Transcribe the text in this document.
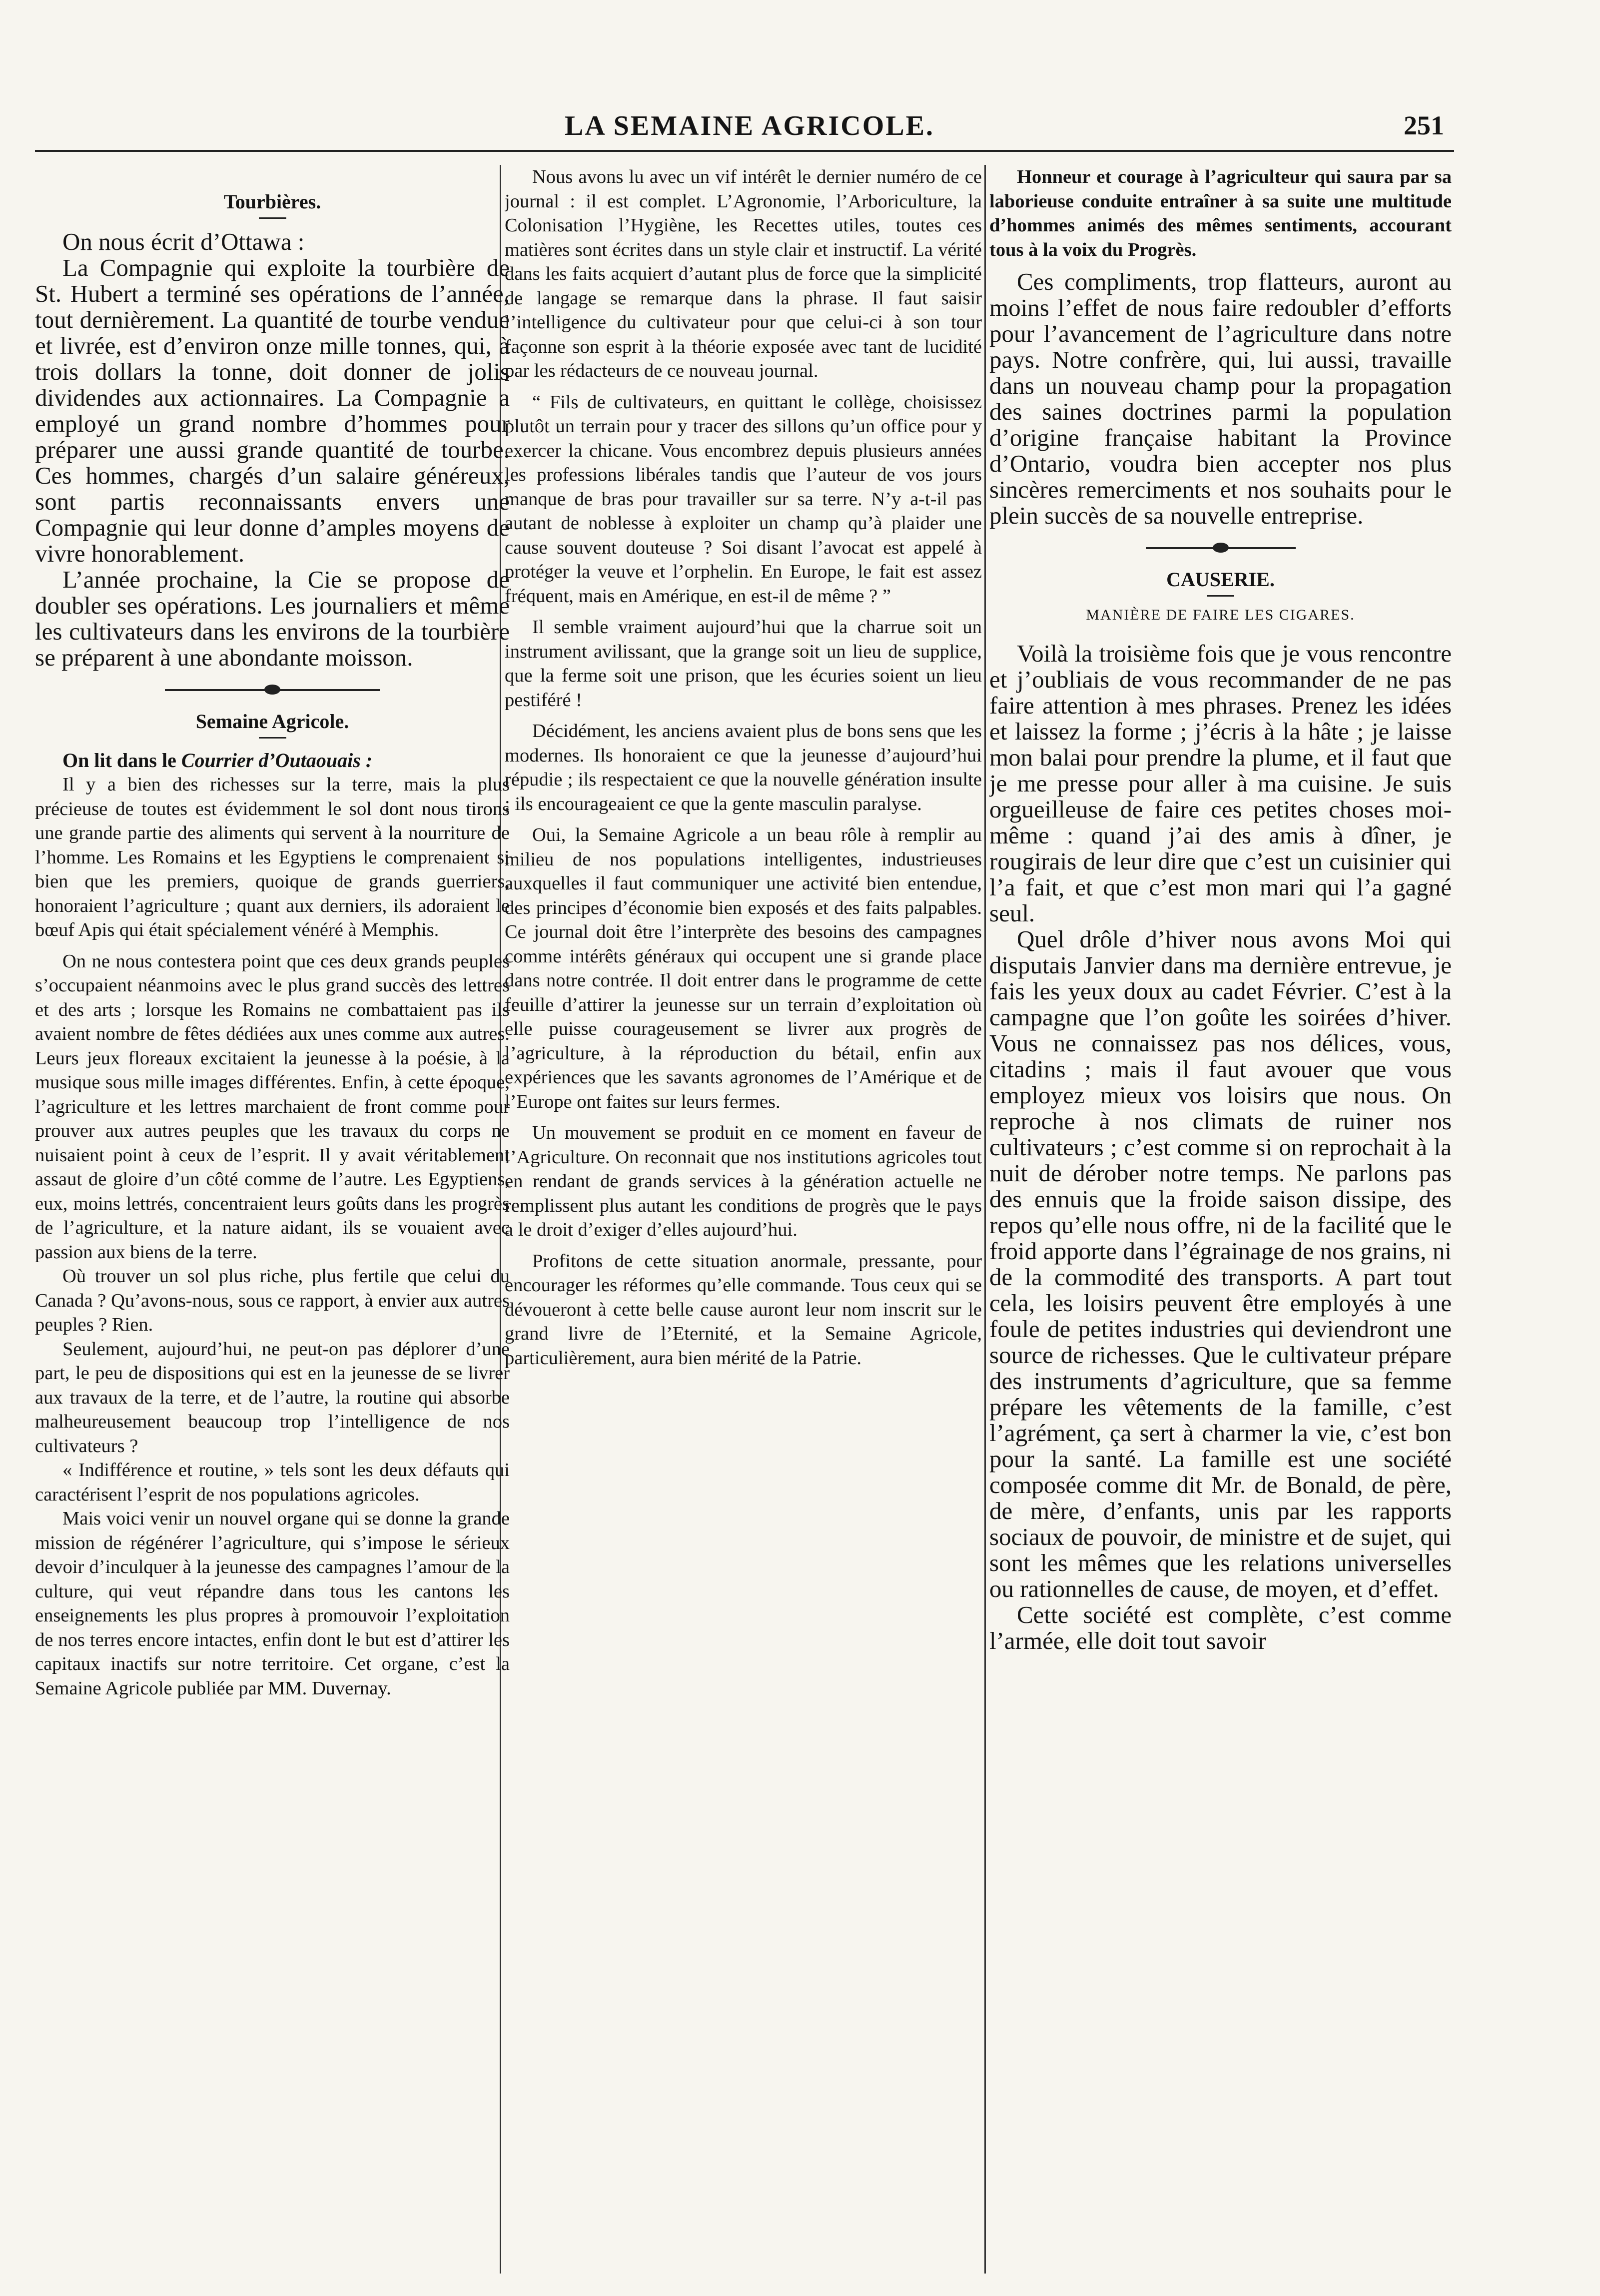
LA SEMAINE AGRICOLE.	251
Tourbières.

On nous écrit d’Ottawa :

La Compagnie qui exploite la tourbière de St. Hubert a terminé ses opérations de l’année, tout dernièrement. La quantité de tourbe vendue et livrée, est d’environ onze mille tonnes, qui, à trois dollars la tonne, doit donner de jolis dividendes aux actionnaires. La Compagnie a employé un grand nombre d’hommes pour préparer une aussi grande quantité de tourbe. Ces hommes, chargés d’un salaire généreux, sont partis reconnaissants envers une Compagnie qui leur donne d’amples moyens de vivre honorablement.

L’année prochaine, la Cie se propose de doubler ses opérations. Les journaliers et même les cultivateurs dans les environs de la tourbière se préparent à une abondante moisson.

Semaine Agricole.

On lit dans le Courrier d’Outaouais :

Il y a bien des richesses sur la terre, mais la plus précieuse de toutes est évidemment le sol dont nous tirons une grande partie des aliments qui servent à la nourriture de l’homme. Les Romains et les Egyptiens le comprenaient si bien que les premiers, quoique de grands guerriers, honoraient l’agriculture ; quant aux derniers, ils adoraient le bœuf Apis qui était spécialement vénéré à Memphis.

On ne nous contestera point que ces deux grands peuples s’occupaient néanmoins avec le plus grand succès des lettres et des arts ; lorsque les Romains ne combattaient pas ils avaient nombre de fêtes dédiées aux unes comme aux autres. Leurs jeux floreaux excitaient la jeunesse à la poésie, à la musique sous mille images différentes. Enfin, à cette époque, l’agriculture et les lettres marchaient de front comme pour prouver aux autres peuples que les travaux du corps ne nuisaient point à ceux de l’esprit. Il y avait véritablement assaut de gloire d’un côté comme de l’autre. Les Egyptiens, eux, moins lettrés, concentraient leurs goûts dans les progrès de l’agriculture, et la nature aidant, ils se vouaient avec passion aux biens de la terre.

Où trouver un sol plus riche, plus fertile que celui du Canada ? Qu’avons-nous, sous ce rapport, à envier aux autres peuples ? Rien.

Seulement, aujourd’hui, ne peut-on pas déplorer d’une part, le peu de dispositions qui est en la jeunesse de se livrer aux travaux de la terre, et de l’autre, la routine qui absorbe malheureusement beaucoup trop l’intelligence de nos cultivateurs ?

« Indifférence et routine, » tels sont les deux défauts qui caractérisent l’esprit de nos populations agricoles.

Mais voici venir un nouvel organe qui se donne la grande mission de régénérer l’agriculture, qui s’impose le sérieux devoir d’inculquer à la jeunesse des campagnes l’amour de la culture, qui veut répandre dans tous les cantons les enseignements les plus propres à promouvoir l’exploitation de nos terres encore intactes, enfin dont le but est d’attirer les capitaux inactifs sur notre territoire. Cet organe, c’est la Semaine Agricole publiée par MM. Duvernay.

Nous avons lu avec un vif intérêt le dernier numéro de ce journal : il est complet. L’Agronomie, l’Arboriculture, la Colonisation l’Hygiène, les Recettes utiles, toutes ces matières sont écrites dans un style clair et instructif. La vérité dans les faits acquiert d’autant plus de force que la simplicité de langage se remarque dans la phrase. Il faut saisir l’intelligence du cultivateur pour que celui-ci à son tour façonne son esprit à la théorie exposée avec tant de lucidité par les rédacteurs de ce nouveau journal.

“ Fils de cultivateurs, en quittant le collège, choisissez plutôt un terrain pour y tracer des sillons qu’un office pour y exercer la chicane. Vous encombrez depuis plusieurs années les professions libérales tandis que l’auteur de vos jours manque de bras pour travailler sur sa terre. N’y a-t-il pas autant de noblesse à exploiter un champ qu’à plaider une cause souvent douteuse ? Soi disant l’avocat est appelé à protéger la veuve et l’orphelin. En Europe, le fait est assez fréquent, mais en Amérique, en est-il de même ? ”

Il semble vraiment aujourd’hui que la charrue soit un instrument avilissant, que la grange soit un lieu de supplice, que la ferme soit une prison, que les écuries soient un lieu pestiféré !

Décidément, les anciens avaient plus de bons sens que les modernes. Ils honoraient ce que la jeunesse d’aujourd’hui répudie ; ils respectaient ce que la nouvelle génération insulte ; ils encourageaient ce que la gente masculin paralyse.

Oui, la Semaine Agricole a un beau rôle à remplir au milieu de nos populations intelligentes, industrieuses auxquelles il faut communiquer une activité bien entendue, des principes d’économie bien exposés et des faits palpables. Ce journal doit être l’interprète des besoins des campagnes comme intérêts généraux qui occupent une si grande place dans notre contrée. Il doit entrer dans le programme de cette feuille d’attirer la jeunesse sur un terrain d’exploitation où elle puisse courageusement se livrer aux progrès de l’agriculture, à la réproduction du bétail, enfin aux expériences que les savants agronomes de l’Amérique et de l’Europe ont faites sur leurs fermes.

Un mouvement se produit en ce moment en faveur de l’Agriculture. On reconnait que nos institutions agricoles tout en rendant de grands services à la génération actuelle ne remplissent plus autant les conditions de progrès que le pays a le droit d’exiger d’elles aujourd’hui.

Profitons de cette situation anormale, pressante, pour encourager les réformes qu’elle commande. Tous ceux qui se dévoueront à cette belle cause auront leur nom inscrit sur le grand livre de l’Eternité, et la Semaine Agricole, particulièrement, aura bien mérité de la Patrie.

Honneur et courage à l’agriculteur qui saura par sa laborieuse conduite entraîner à sa suite une multitude d’hommes animés des mêmes sentiments, accourant tous à la voix du Progrès.

Ces compliments, trop flatteurs, auront au moins l’effet de nous faire redoubler d’efforts pour l’avancement de l’agriculture dans notre pays. Notre confrère, qui, lui aussi, travaille dans un nouveau champ pour la propagation des saines doctrines parmi la population d’origine française habitant la Province d’Ontario, voudra bien accepter nos plus sincères remerciments et nos souhaits pour le plein succès de sa nouvelle entreprise.

CAUSERIE.
MANIÈRE DE FAIRE LES CIGARES.

Voilà la troisième fois que je vous rencontre et j’oubliais de vous recommander de ne pas faire attention à mes phrases. Prenez les idées et laissez la forme ; j’écris à la hâte ; je laisse mon balai pour prendre la plume, et il faut que je me presse pour aller à ma cuisine. Je suis orgueilleuse de faire ces petites choses moi-même : quand j’ai des amis à dîner, je rougirais de leur dire que c’est un cuisinier qui l’a fait, et que c’est mon mari qui l’a gagné seul.

Quel drôle d’hiver nous avons Moi qui disputais Janvier dans ma dernière entrevue, je fais les yeux doux au cadet Février. C’est à la campagne que l’on goûte les soirées d’hiver. Vous ne connaissez pas nos délices, vous, citadins ; mais il faut avouer que vous employez mieux vos loisirs que nous. On reproche à nos climats de ruiner nos cultivateurs ; c’est comme si on reprochait à la nuit de dérober notre temps. Ne parlons pas des ennuis que la froide saison dissipe, des repos qu’elle nous offre, ni de la facilité que le froid apporte dans l’égrainage de nos grains, ni de la commodité des transports. A part tout cela, les loisirs peuvent être employés à une foule de petites industries qui deviendront une source de richesses. Que le cultivateur prépare des instruments d’agriculture, que sa femme prépare les vêtements de la famille, c’est l’agrément, ça sert à charmer la vie, c’est bon pour la santé. La famille est une société composée comme dit Mr. de Bonald, de père, de mère, d’enfants, unis par les rapports sociaux de pouvoir, de ministre et de sujet, qui sont les mêmes que les relations universelles ou rationnelles de cause, de moyen, et d’effet.

Cette société est complète, c’est comme l’armée, elle doit tout savoir
